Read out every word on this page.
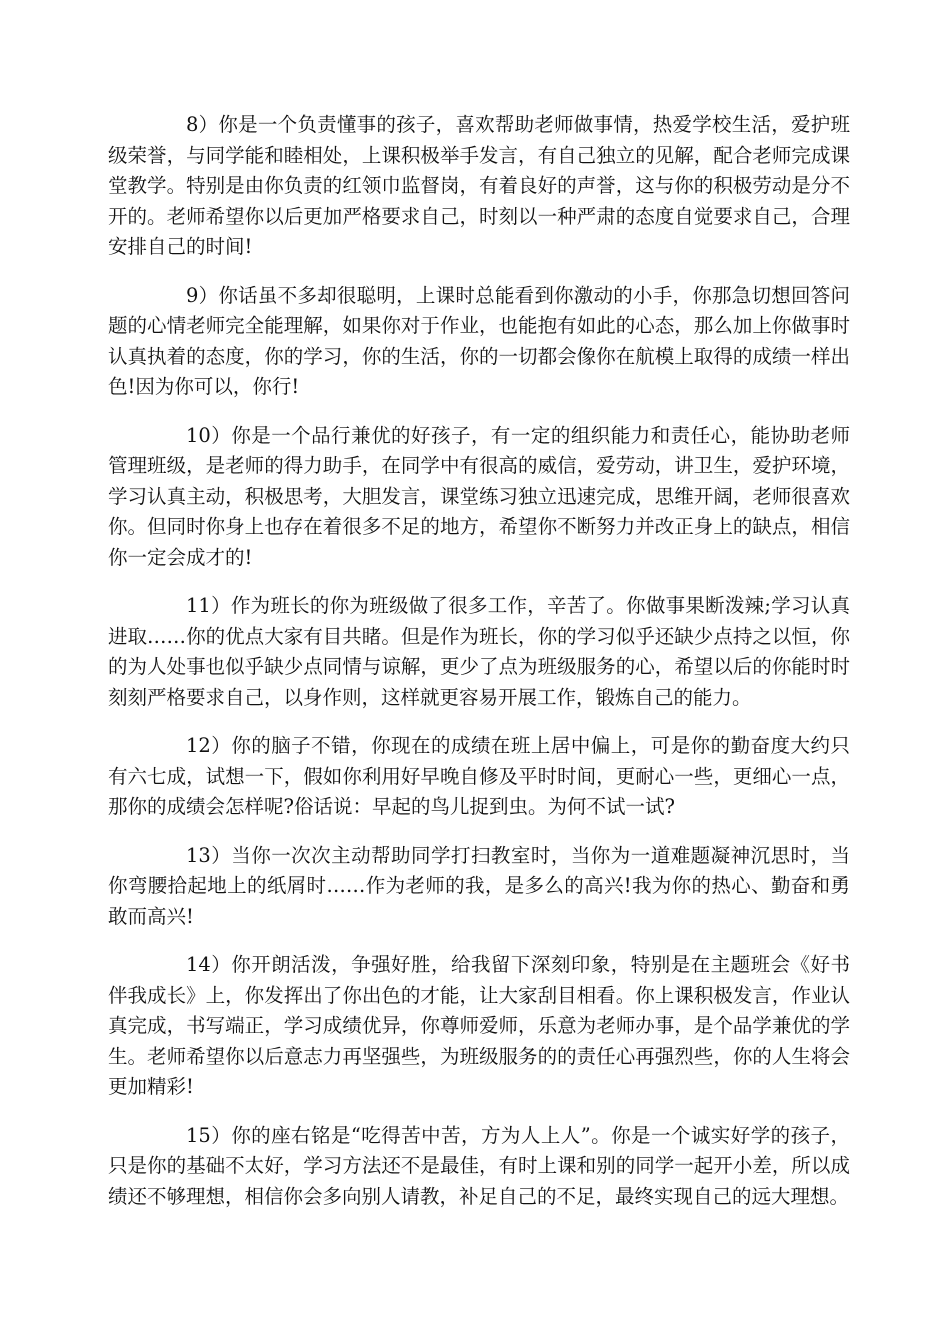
8）你是一个负责懂事的孩子，喜欢帮助老师做事情，热爱学校生活，爱护班级荣誉，与同学能和睦相处，上课积极举手发言，有自己独立的见解，配合老师完成课堂教学。特别是由你负责的红领巾监督岗，有着良好的声誉，这与你的积极劳动是分不开的。老师希望你以后更加严格要求自己，时刻以一种严肃的态度自觉要求自己，合理安排自己的时间!

9）你话虽不多却很聪明，上课时总能看到你激动的小手，你那急切想回答问题的心情老师完全能理解，如果你对于作业，也能抱有如此的心态，那么加上你做事时认真执着的态度，你的学习，你的生活，你的一切都会像你在航模上取得的成绩一样出色!因为你可以，你行!

10）你是一个品行兼优的好孩子，有一定的组织能力和责任心，能协助老师管理班级，是老师的得力助手，在同学中有很高的威信，爱劳动，讲卫生，爱护环境，学习认真主动，积极思考，大胆发言，课堂练习独立迅速完成，思维开阔，老师很喜欢你。但同时你身上也存在着很多不足的地方，希望你不断努力并改正身上的缺点，相信你一定会成才的!

11）作为班长的你为班级做了很多工作，辛苦了。你做事果断泼辣;学习认真进取……你的优点大家有目共睹。但是作为班长，你的学习似乎还缺少点持之以恒，你的为人处事也似乎缺少点同情与谅解，更少了点为班级服务的心，希望以后的你能时时刻刻严格要求自己，以身作则，这样就更容易开展工作，锻炼自己的能力。

12）你的脑子不错，你现在的成绩在班上居中偏上，可是你的勤奋度大约只有六七成，试想一下，假如你利用好早晚自修及平时时间，更耐心一些，更细心一点，那你的成绩会怎样呢?俗话说：早起的鸟儿捉到虫。为何不试一试?

13）当你一次次主动帮助同学打扫教室时，当你为一道难题凝神沉思时，当你弯腰拾起地上的纸屑时……作为老师的我，是多么的高兴!我为你的热心、勤奋和勇敢而高兴!

14）你开朗活泼，争强好胜，给我留下深刻印象，特别是在主题班会《好书伴我成长》上，你发挥出了你出色的才能，让大家刮目相看。你上课积极发言，作业认真完成，书写端正，学习成绩优异，你尊师爱师，乐意为老师办事，是个品学兼优的学生。老师希望你以后意志力再坚强些，为班级服务的的责任心再强烈些，你的人生将会更加精彩!

15）你的座右铭是“吃得苦中苦，方为人上人”。你是一个诚实好学的孩子，只是你的基础不太好，学习方法还不是最佳，有时上课和别的同学一起开小差，所以成绩还不够理想，相信你会多向别人请教，补足自己的不足，最终实现自己的远大理想。
